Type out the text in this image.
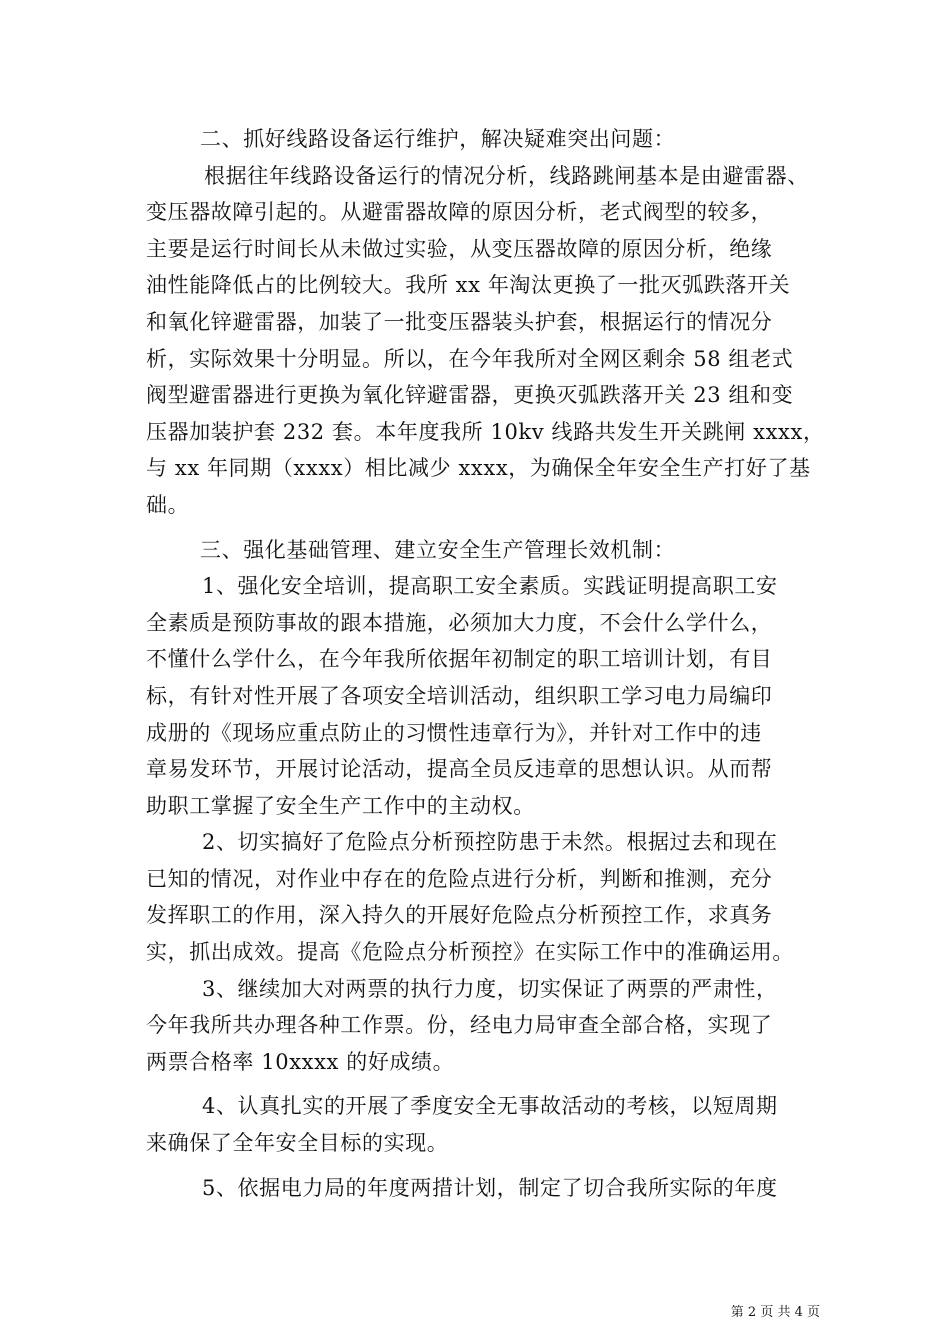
二、抓好线路设备运行维护，解决疑难突出问题：
根据往年线路设备运行的情况分析，线路跳闸基本是由避雷器、
变压器故障引起的。从避雷器故障的原因分析，老式阀型的较多，
主要是运行时间长从未做过实验，从变压器故障的原因分析，绝缘
油性能降低占的比例较大。我所 xx 年淘汰更换了一批灭弧跌落开关
和氧化锌避雷器，加装了一批变压器装头护套，根据运行的情况分
析，实际效果十分明显。所以，在今年我所对全网区剩余 58 组老式
阀型避雷器进行更换为氧化锌避雷器，更换灭弧跌落开关 23 组和变
压器加装护套 232 套。本年度我所 10kv 线路共发生开关跳闸 xxxx，
与 xx 年同期（xxxx）相比减少 xxxx，为确保全年安全生产打好了基
础。
三、强化基础管理、建立安全生产管理长效机制：
1、强化安全培训，提高职工安全素质。实践证明提高职工安
全素质是预防事故的跟本措施，必须加大力度，不会什么学什么，
不懂什么学什么，在今年我所依据年初制定的职工培训计划，有目
标，有针对性开展了各项安全培训活动，组织职工学习电力局编印
成册的《现场应重点防止的习惯性违章行为》，并针对工作中的违
章易发环节，开展讨论活动，提高全员反违章的思想认识。从而帮
助职工掌握了安全生产工作中的主动权。
2、切实搞好了危险点分析预控防患于未然。根据过去和现在
已知的情况，对作业中存在的危险点进行分析，判断和推测，充分
发挥职工的作用，深入持久的开展好危险点分析预控工作，求真务
实，抓出成效。提高《危险点分析预控》在实际工作中的准确运用。
3、继续加大对两票的执行力度，切实保证了两票的严肃性，
今年我所共办理各种工作票。份，经电力局审查全部合格，实现了
两票合格率 10xxxx 的好成绩。
4、认真扎实的开展了季度安全无事故活动的考核，以短周期
来确保了全年安全目标的实现。
5、依据电力局的年度两措计划，制定了切合我所实际的年度
第 2 页 共 4 页
